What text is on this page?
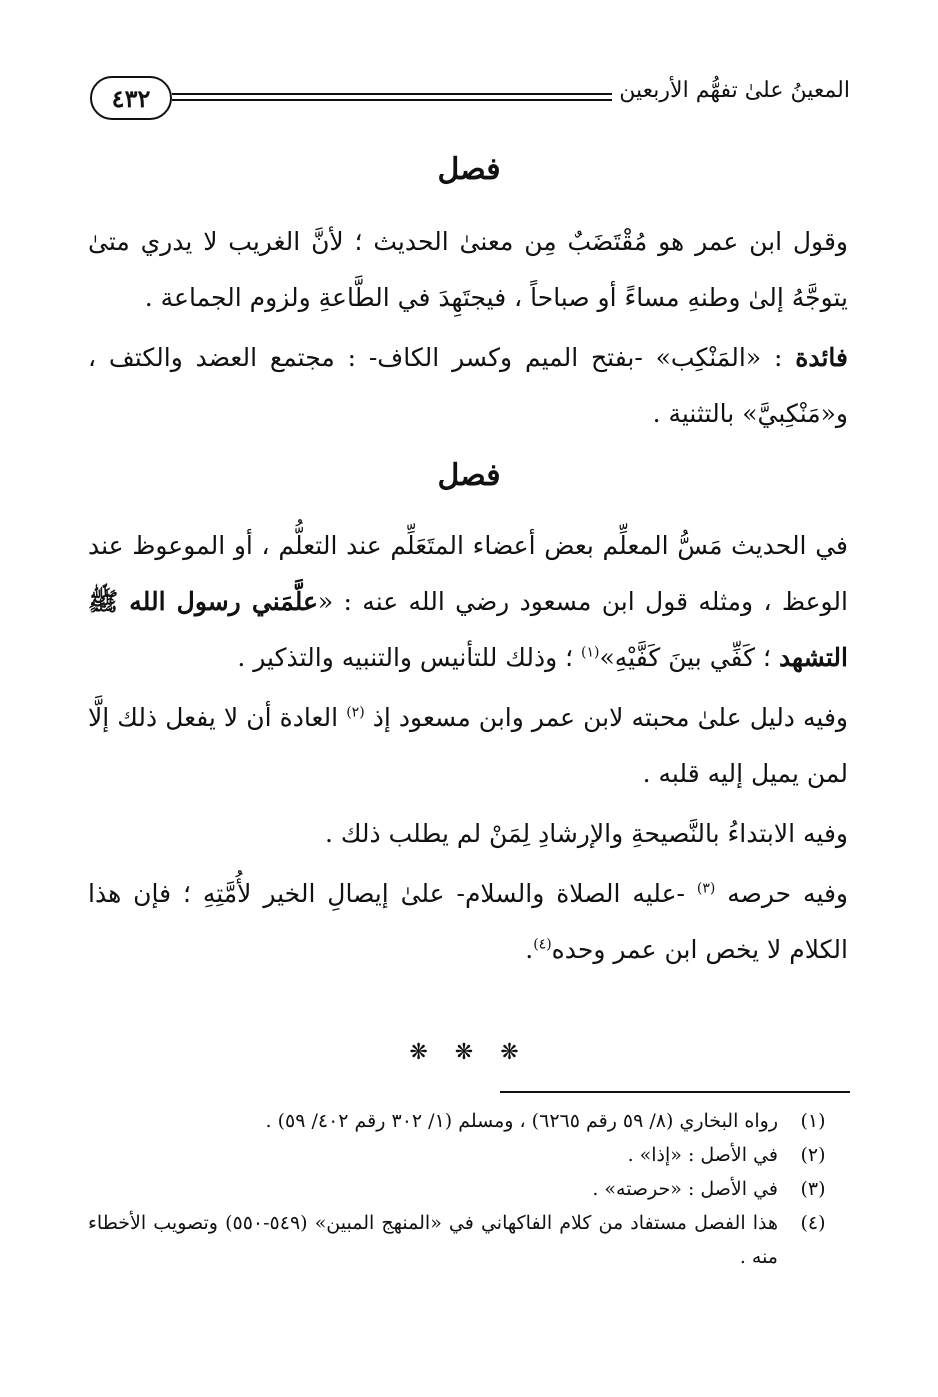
٤٣٢	المعينُ علىٰ تفهُّم الأربعين
فصل

وقول ابن عمر هو مُقْتَضَبٌ مِن معنىٰ الحديث ؛ لأنَّ الغريب لا يدري متىٰ يتوجَّهُ إلىٰ وطنهِ مساءً أو صباحاً ، فيجتَهِدَ في الطَّاعةِ ولزوم الجماعة .

فائدة : «المَنْكِب» -بفتح الميم وكسر الكاف- : مجتمع العضد والكتف ، و«مَنْكِبيَّ» بالتثنية .

فصل

في الحديث مَسُّ المعلِّم بعض أعضاء المتَعَلِّم عند التعلُّم ، أو الموعوظ عند الوعظ ، ومثله قول ابن مسعود رضي الله عنه : «علَّمَني رسول الله ﷺ التشهد ؛ كَفِّي بينَ كَفَّيْهِ»$^{(١)}$ ؛ وذلك للتأنيس والتنبيه والتذكير .

وفيه دليل علىٰ محبته لابن عمر وابن مسعود إذ $^{(٢)}$ العادة أن لا يفعل ذلك إلَّا لمن يميل إليه قلبه .

وفيه الابتداءُ بالنَّصيحةِ والإرشادِ لِمَنْ لم يطلب ذلك .

وفيه حرصه $^{(٣)}$ -عليه الصلاة والسلام- علىٰ إيصالِ الخير لأُمَّتِهِ ؛ فإن هذا الكلام لا يخص ابن عمر وحده$^{(٤)}$.

❋ ❋ ❋
(١)
رواه البخاري (٨/ ٥٩ رقم ٦٢٦٥) ، ومسلم (١/ ٣٠٢ رقم ٤٠٢/ ٥٩) .
(٢)
في الأصل : «إذا» .
(٣)
في الأصل : «حرصته» .
(٤)
هذا الفصل مستفاد من كلام الفاكهاني في «المنهج المبين» (٥٤٩-٥٥٠) وتصويب الأخطاء منه .
